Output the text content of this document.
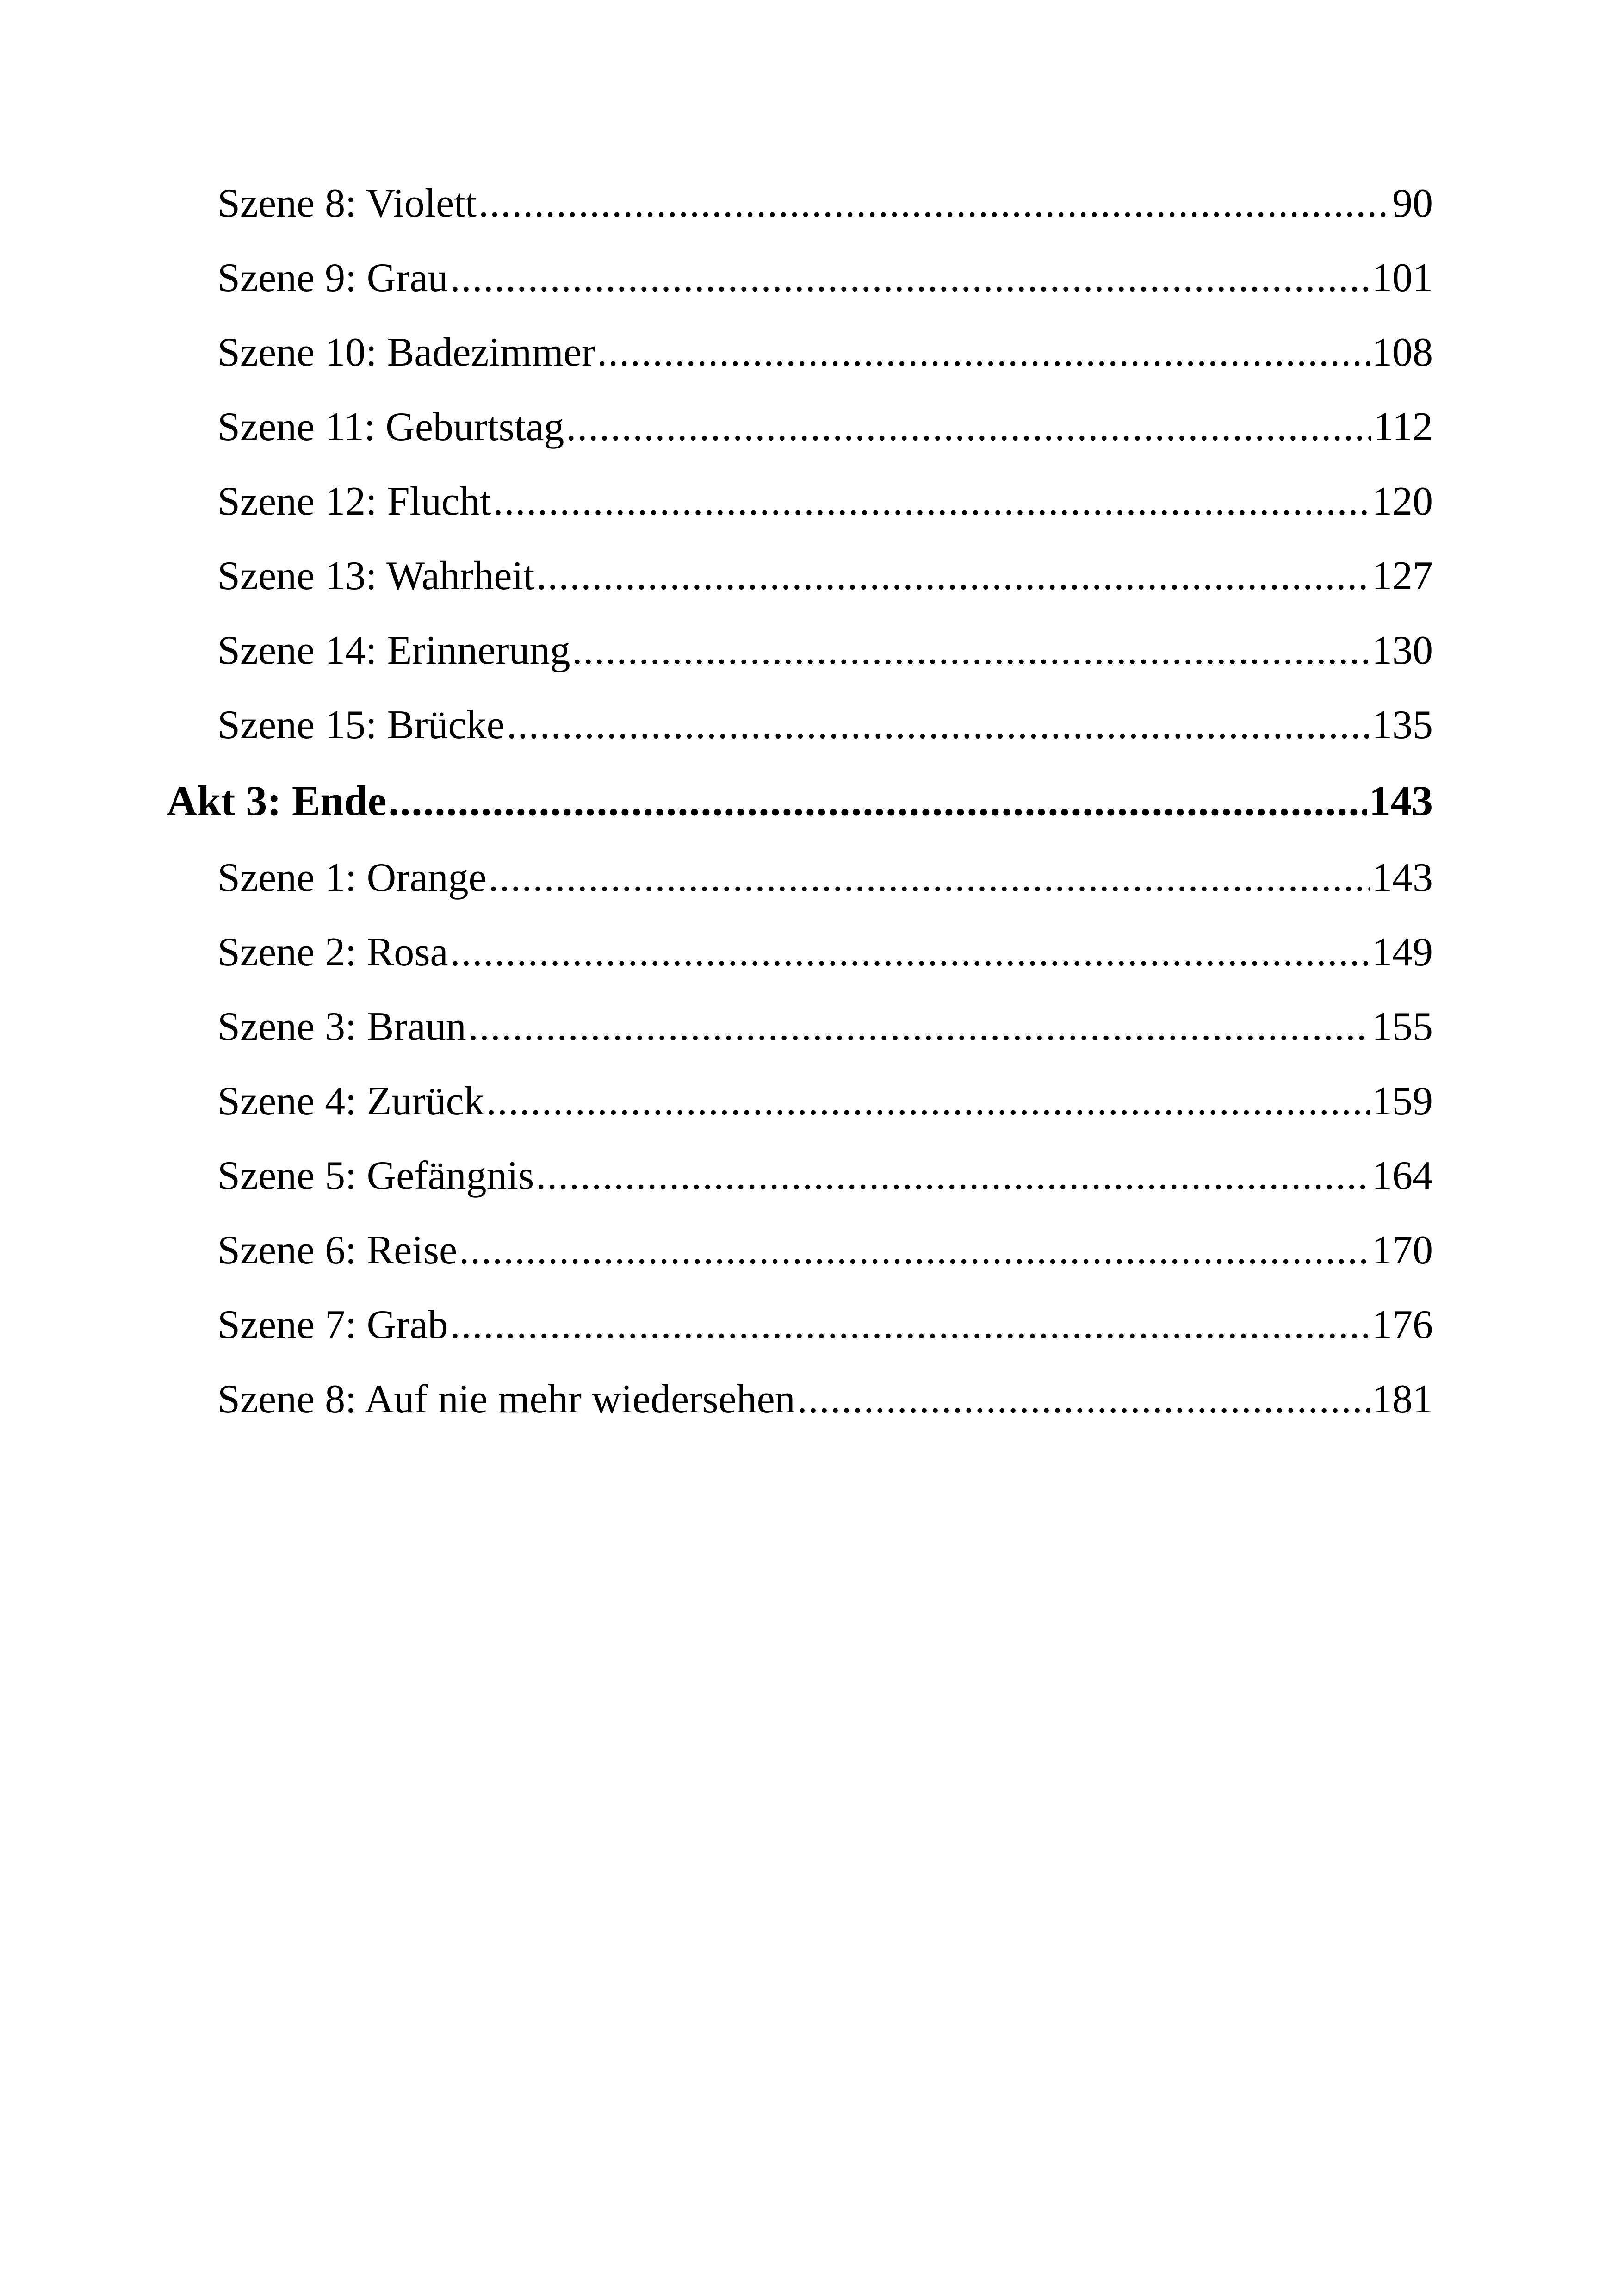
Szene 8: Violett .....	90
Szene 9: Grau .....	101
Szene 10: Badezimmer .....	108
Szene 11: Geburtstag .....	112
Szene 12: Flucht .....	120
Szene 13: Wahrheit .....	127
Szene 14: Erinnerung .....	130
Szene 15: Brücke .....	135
Akt 3: Ende .....	143
Szene 1: Orange .....	143
Szene 2: Rosa .....	149
Szene 3: Braun .....	155
Szene 4: Zurück .....	159
Szene 5: Gefängnis .....	164
Szene 6: Reise .....	170
Szene 7: Grab .....	176
Szene 8: Auf nie mehr wiedersehen .....	181
